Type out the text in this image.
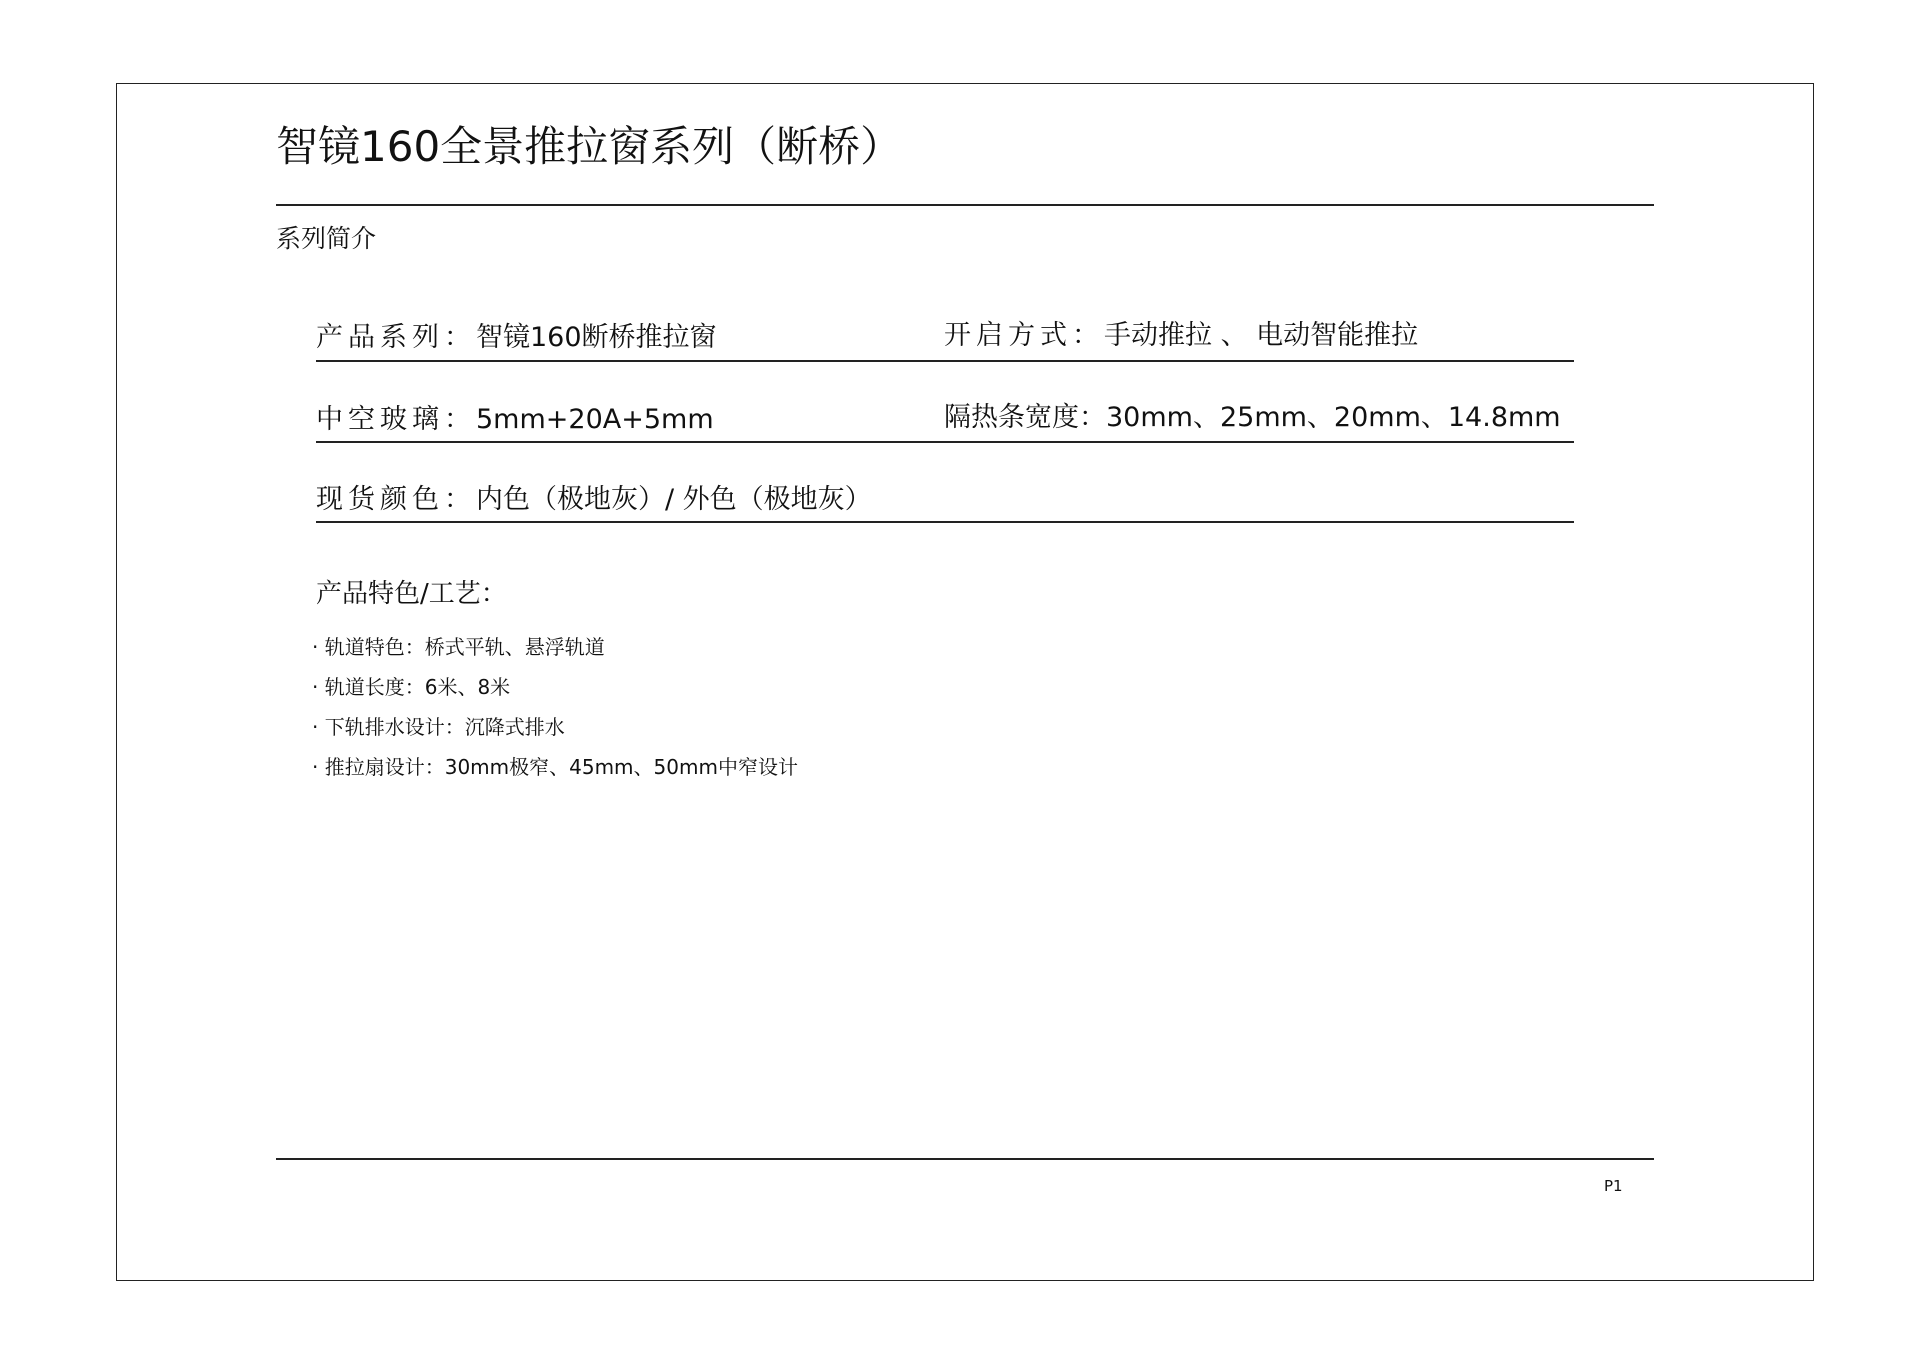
智镜160全景推拉窗系列（断桥）
系列简介
产品系列：智镜160断桥推拉窗	开启方式：手动推拉 、 电动智能推拉
中空玻璃：5mm+20A+5mm	隔热条宽度：30mm、25mm、20mm、14.8mm
现货颜色：内色（极地灰）/ 外色（极地灰）
产品特色/工艺：
· 轨道特色：桥式平轨、悬浮轨道
· 轨道长度：6米、8米
· 下轨排水设计：沉降式排水
· 推拉扇设计：30mm极窄、45mm、50mm中窄设计
P1
